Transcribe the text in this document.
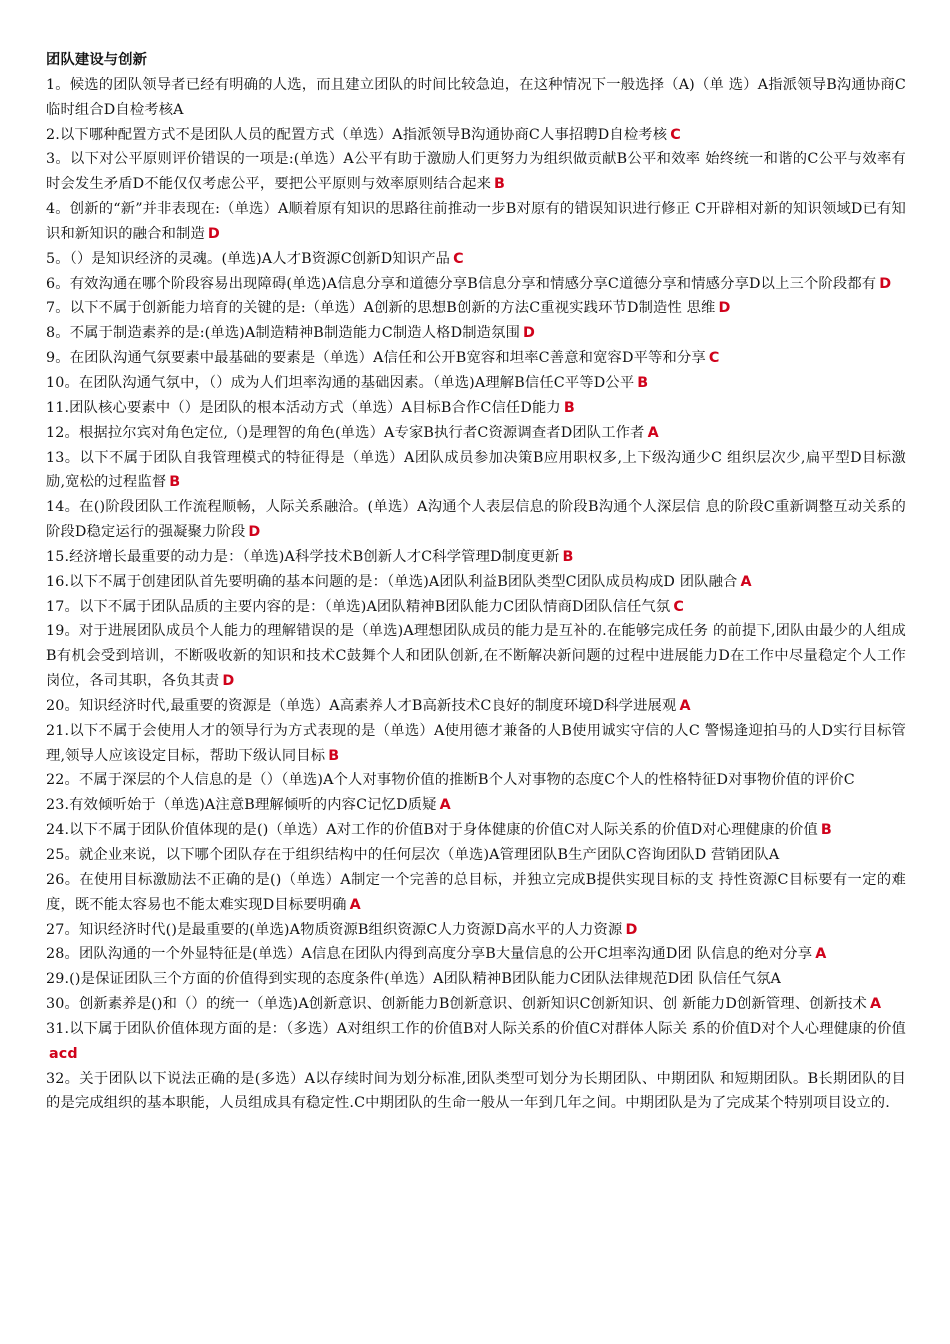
团队建设与创新
1。候选的团队领导者已经有明确的人选，而且建立团队的时间比较急迫，在这种情况下一般选择（A)（单 选）A指派领导B沟通协商C临时组合D自检考核A
2.以下哪种配置方式不是团队人员的配置方式（单选）A指派领导B沟通协商C人事招聘D自检考核 C
3。以下对公平原则评价错误的一项是:(单选）A公平有助于激励人们更努力为组织做贡献B公平和效率 始终统一和谐的C公平与效率有时会发生矛盾D不能仅仅考虑公平，要把公平原则与效率原则结合起来 B
4。创新的“新”并非表现在:（单选）A顺着原有知识的思路往前推动一步B对原有的错误知识进行修正 C开辟相对新的知识领域D已有知识和新知识的融合和制造 D
5。（）是知识经济的灵魂。(单选)A人才B资源C创新D知识产品 C
6。有效沟通在哪个阶段容易出现障碍(单选)A信息分享和道德分享B信息分享和情感分享C道德分享和情感分享D以上三个阶段都有 D
7。以下不属于创新能力培育的关键的是:（单选）A创新的思想B创新的方法C重视实践环节D制造性 思维 D
8。不属于制造素养的是:(单选)A制造精神B制造能力C制造人格D制造氛围 D
9。在团队沟通气氛要素中最基础的要素是（单选）A信任和公开B宽容和坦率C善意和宽容D平等和分享 C
10。在团队沟通气氛中，（）成为人们坦率沟通的基础因素。（单选)A理解B信任C平等D公平 B
11.团队核心要素中（）是团队的根本活动方式（单选）A目标B合作C信任D能力 B
12。根据拉尔宾对角色定位,（)是理智的角色(单选）A专家B执行者C资源调查者D团队工作者 A
13。以下不属于团队自我管理模式的特征得是（单选）A团队成员参加决策B应用职权多,上下级沟通少C 组织层次少,扁平型D目标激励,宽松的过程监督 B
14。在()阶段团队工作流程顺畅，人际关系融洽。(单选）A沟通个人表层信息的阶段B沟通个人深层信 息的阶段C重新调整互动关系的阶段D稳定运行的强凝聚力阶段 D
15.经济增长最重要的动力是：（单选)A科学技术B创新人才C科学管理D制度更新 B
16.以下不属于创建团队首先要明确的基本问题的是：（单选)A团队利益B团队类型C团队成员构成D 团队融合 A
17。以下不属于团队品质的主要内容的是：（单选)A团队精神B团队能力C团队情商D团队信任气氛 C
19。对于进展团队成员个人能力的理解错误的是（单选)A理想团队成员的能力是互补的.在能够完成任务 的前提下,团队由最少的人组成B有机会受到培训，不断吸收新的知识和技术C鼓舞个人和团队创新,在不断解决新问题的过程中进展能力D在工作中尽量稳定个人工作岗位，各司其职，各负其责 D
20。知识经济时代,最重要的资源是（单选）A高素养人才B高新技术C良好的制度环境D科学进展观 A
21.以下不属于会使用人才的领导行为方式表现的是（单选）A使用德才兼备的人B使用诚实守信的人C 警惕逢迎拍马的人D实行目标管理,领导人应该设定目标，帮助下级认同目标 B
22。不属于深层的个人信息的是（）（单选)A个人对事物价值的推断B个人对事物的态度C个人的性格特征D对事物价值的评价C
23.有效倾听始于（单选)A注意B理解倾听的内容C记忆D质疑 A
24.以下不属于团队价值体现的是()（单选）A对工作的价值B对于身体健康的价值C对人际关系的价值D对心理健康的价值 B
25。就企业来说，以下哪个团队存在于组织结构中的任何层次（单选)A管理团队B生产团队C咨询团队D 营销团队A
26。在使用目标激励法不正确的是()（单选）A制定一个完善的总目标，并独立完成B提供实现目标的支 持性资源C目标要有一定的难度，既不能太容易也不能太难实现D目标要明确 A
27。知识经济时代()是最重要的(单选)A物质资源B组织资源C人力资源D高水平的人力资源 D
28。团队沟通的一个外显特征是(单选）A信息在团队内得到高度分享B大量信息的公开C坦率沟通D团 队信息的绝对分享 A
29.()是保证团队三个方面的价值得到实现的态度条件(单选）A团队精神B团队能力C团队法律规范D团 队信任气氛A
30。创新素养是()和（）的统一（单选)A创新意识、创新能力B创新意识、创新知识C创新知识、创 新能力D创新管理、创新技术 A
31.以下属于团队价值体现方面的是：（多选）A对组织工作的价值B对人际关系的价值C对群体人际关 系的价值D对个人心理健康的价值acd
32。关于团队以下说法正确的是(多选）A以存续时间为划分标准,团队类型可划分为长期团队、中期团队 和短期团队。B长期团队的目的是完成组织的基本职能，人员组成具有稳定性.C中期团队的生命一般从一年到几年之间。中期团队是为了完成某个特别项目设立的.
